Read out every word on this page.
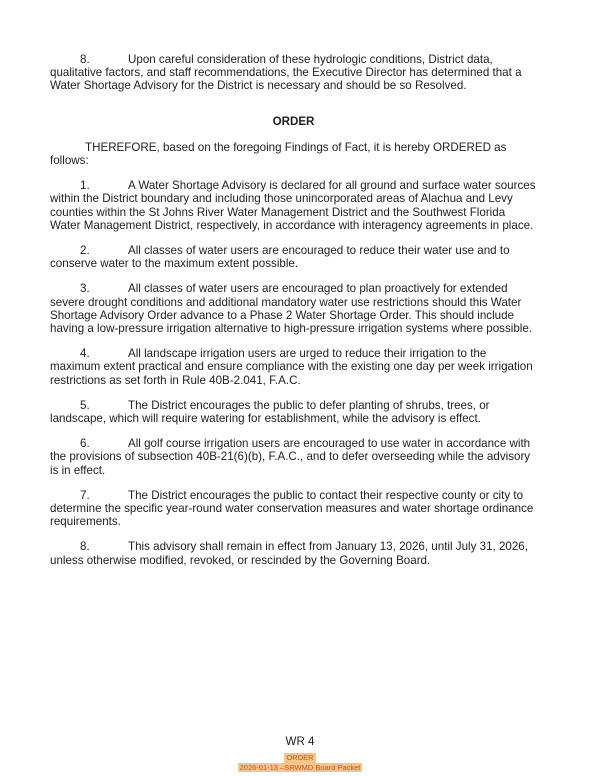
8.	Upon careful consideration of these hydrologic conditions, District data, qualitative factors, and staff recommendations, the Executive Director has determined that a Water Shortage Advisory for the District is necessary and should be so Resolved.

ORDER

THEREFORE, based on the foregoing Findings of Fact, it is hereby ORDERED as follows:

1.	A Water Shortage Advisory is declared for all ground and surface water sources within the District boundary and including those unincorporated areas of Alachua and Levy counties within the St Johns River Water Management District and the Southwest Florida Water Management District, respectively, in accordance with interagency agreements in place.

2.	All classes of water users are encouraged to reduce their water use and to conserve water to the maximum extent possible.

3.	All classes of water users are encouraged to plan proactively for extended severe drought conditions and additional mandatory water use restrictions should this Water Shortage Advisory Order advance to a Phase 2 Water Shortage Order. This should include having a low-pressure irrigation alternative to high-pressure irrigation systems where possible.

4.	All landscape irrigation users are urged to reduce their irrigation to the maximum extent practical and ensure compliance with the existing one day per week irrigation restrictions as set forth in Rule 40B-2.041, F.A.C.

5.	The District encourages the public to defer planting of shrubs, trees, or landscape, which will require watering for establishment, while the advisory is effect.

6.	All golf course irrigation users are encouraged to use water in accordance with the provisions of subsection 40B-21(6)(b), F.A.C., and to defer overseeding while the advisory is in effect.

7.	The District encourages the public to contact their respective county or city to determine the specific year-round water conservation measures and water shortage ordinance requirements.

8.	This advisory shall remain in effect from January 13, 2026, until July 31, 2026, unless otherwise modified, revoked, or rescinded by the Governing Board.

WR 4
ORDER
2026-01-13 –SRWMD Board Packet
